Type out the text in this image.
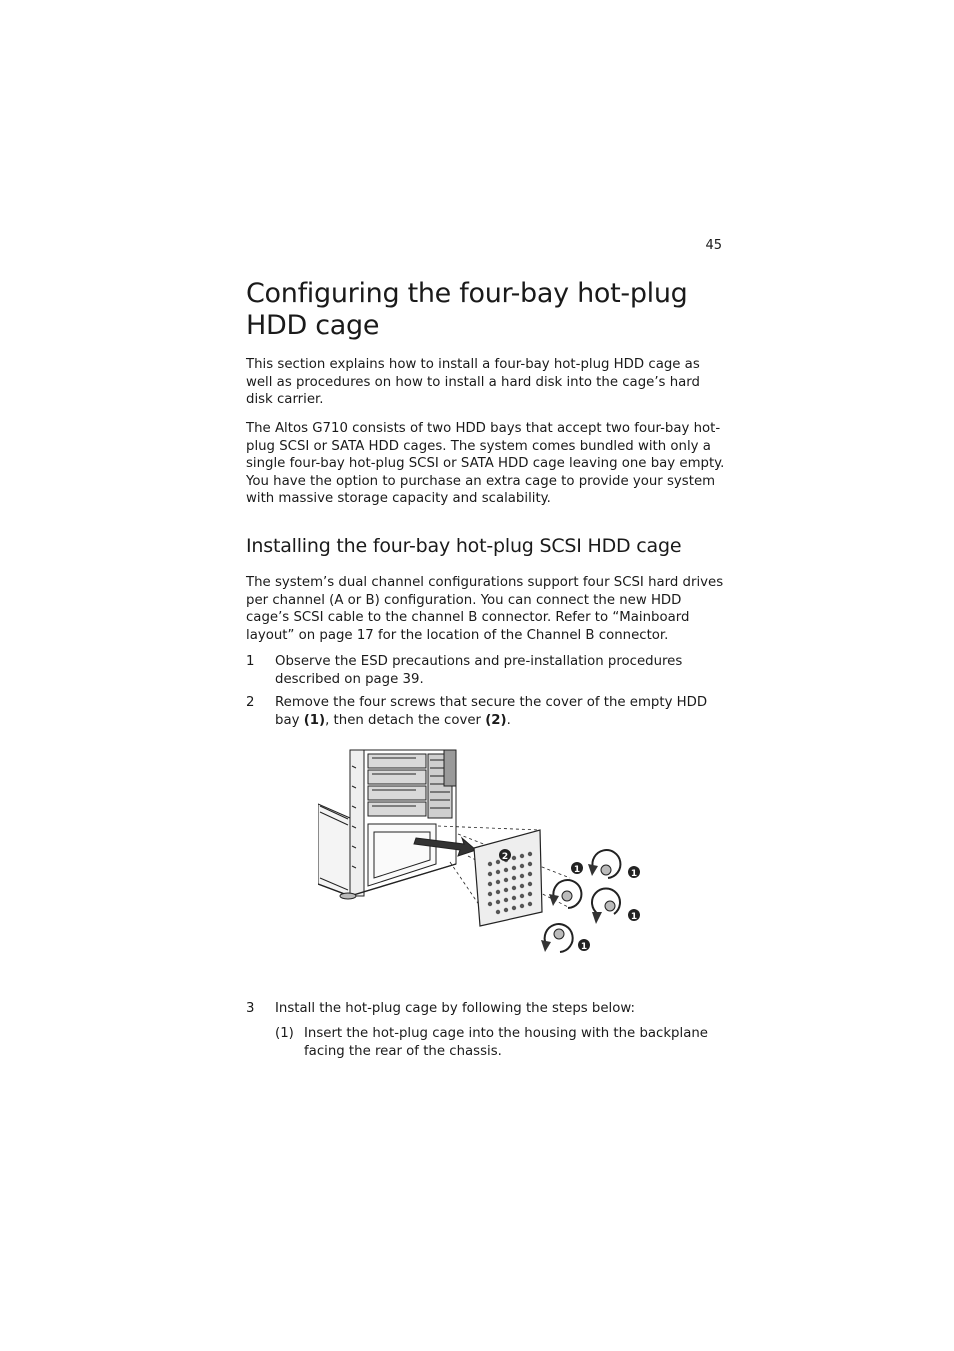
45
Configuring the four-bay hot-plug
HDD cage

This section explains how to install a four-bay hot-plug HDD cage as well as procedures on how to install a hard disk into the cage’s hard disk carrier.

The Altos G710 consists of two HDD bays that accept two four-bay hot-plug SCSI or SATA HDD cages. The system comes bundled with only a single four-bay hot-plug SCSI or SATA HDD cage leaving one bay empty. You have the option to purchase an extra cage to provide your system with massive storage capacity and scalability.

Installing the four-bay hot-plug SCSI HDD cage

The system’s dual channel configurations support four SCSI hard drives per channel (A or B) configuration. You can connect the new HDD cage’s SCSI cable to the channel B connector. Refer to “Mainboard layout” on page 17 for the location of the Channel B connector.

1 Observe the ESD precautions and pre-installation procedures described on page 39.
2 Remove the four screws that secure the cover of the empty HDD bay (1), then detach the cover (2).
3 Install the hot-plug cage by following the steps below:
(1) Insert the hot-plug cage into the housing with the backplane facing the rear of the chassis.
2
1	1
1
1
